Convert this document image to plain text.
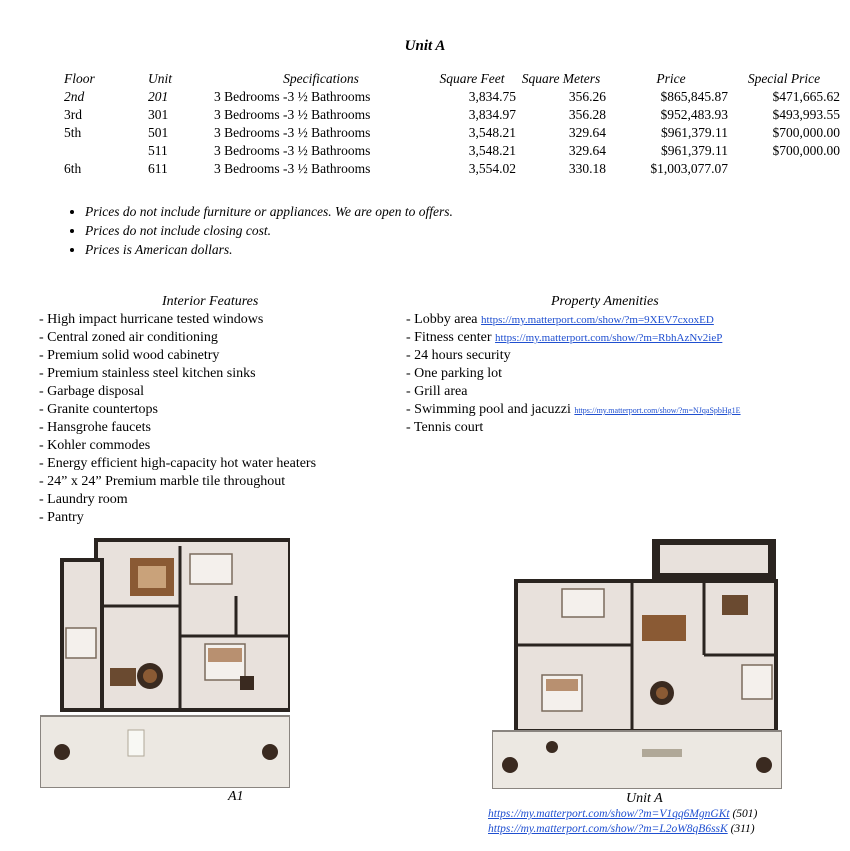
Unit A
Floor	Unit	Specifications	Square Feet	Square Meters	Price	Special Price
2nd	201	3 Bedrooms -3 ½ Bathrooms	3,834.75	356.26	$865,845.87	$471,665.62
3rd	301	3 Bedrooms -3 ½ Bathrooms	3,834.97	356.28	$952,483.93	$493,993.55
5th	501	3 Bedrooms -3 ½ Bathrooms	3,548.21	329.64	$961,379.11	$700,000.00
	511	3 Bedrooms -3 ½ Bathrooms	3,548.21	329.64	$961,379.11	$700,000.00
6th	611	3 Bedrooms -3 ½ Bathrooms	3,554.02	330.18	$1,003,077.07	
• Prices do not include furniture or appliances. We are open to offers.
• Prices do not include closing cost.
• Prices is American dollars.
Interior Features
- High impact hurricane tested windows
- Central zoned air conditioning
- Premium solid wood cabinetry
- Premium stainless steel kitchen sinks
- Garbage disposal
- Granite countertops
- Hansgrohe faucets
- Kohler commodes
- Energy efficient high-capacity hot water heaters
- 24” x 24” Premium marble tile throughout
- Laundry room
- Pantry
Property Amenities
- Lobby area https://my.matterport.com/show/?m=9XEV7cxoxED
- Fitness center https://my.matterport.com/show/?m=RbhAzNv2ieP
- 24 hours security
- One parking lot
- Grill area
- Swimming pool and jacuzzi https://my.matterport.com/show/?m=NJqaSpbHg1E
- Tennis court
A1	Unit A
https://my.matterport.com/show/?m=V1qq6MgnGKt (501)
https://my.matterport.com/show/?m=L2oW8qB6ssK (311)
